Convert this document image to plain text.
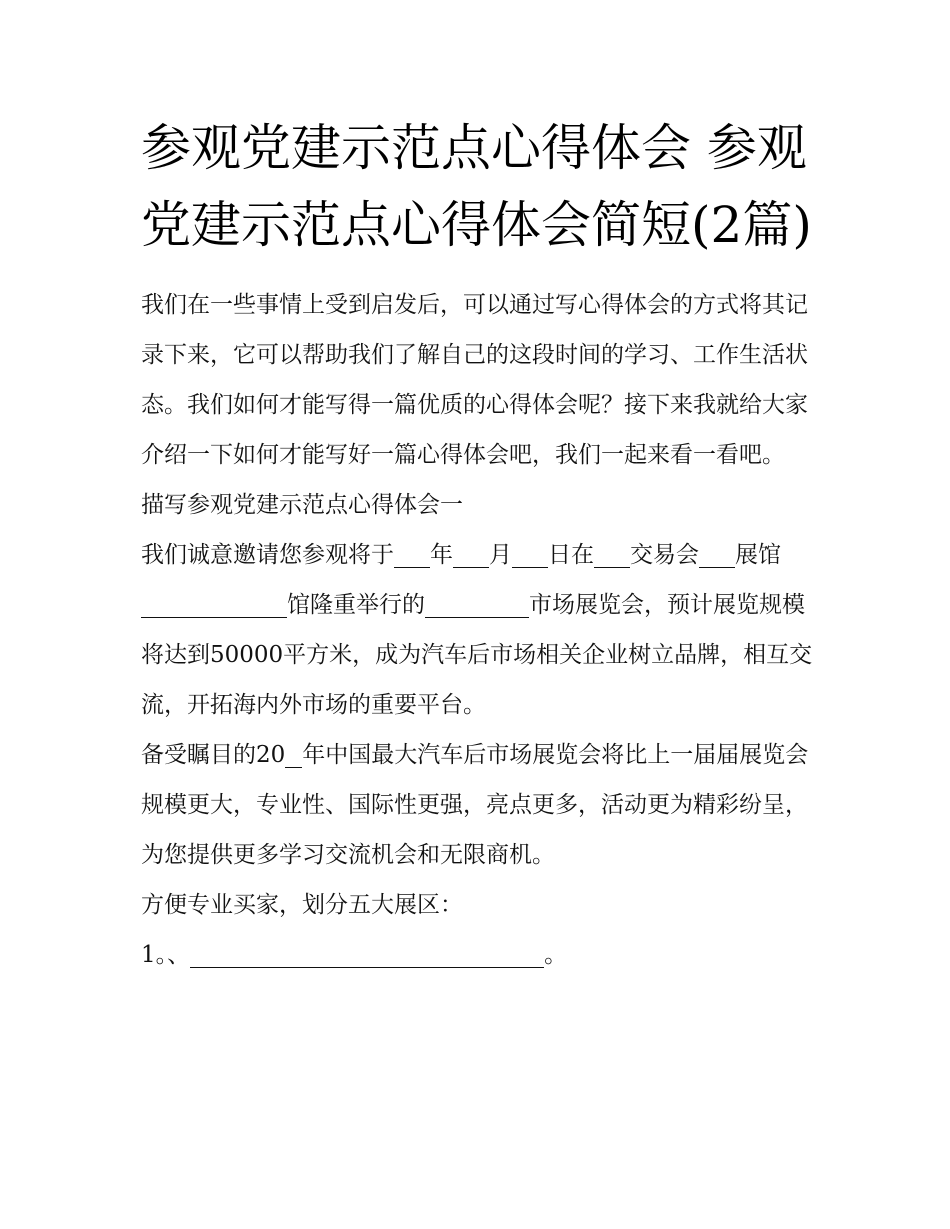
参观党建示范点心得体会 参观党建示范点心得体会简短(2篇)

我们在一些事情上受到启发后，可以通过写心得体会的方式将其记录下来，它可以帮助我们了解自己的这段时间的学习、工作生活状态。我们如何才能写得一篇优质的心得体会呢？接下来我就给大家介绍一下如何才能写好一篇心得体会吧，我们一起来看一看吧。

描写参观党建示范点心得体会一

我们诚意邀请您参观将于 年 月 日在 交易会 展馆馆隆重举行的	市场展览会，预计展览规模将达到50000平方米，成为汽车后市场相关企业树立品牌，相互交流，开拓海内外市场的重要平台。

备受瞩目的20 年中国最大汽车后市场展览会将比上一届届展览会规模更大，专业性、国际性更强，亮点更多，活动更为精彩纷呈，为您提供更多学习交流机会和无限商机。

方便专业买家，划分五大展区：

1。、	。
